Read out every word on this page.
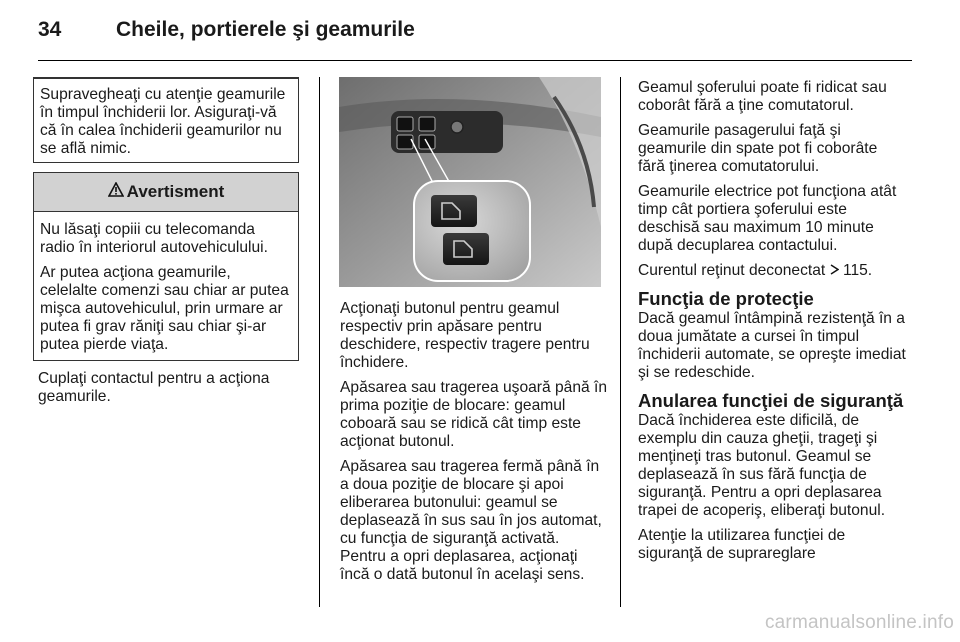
34	Cheile, portierele şi geamurile

Supravegheaţi cu atenţie geamurile în timpul închiderii lor. Asiguraţi-vă că în calea închiderii geamurilor nu se află nimic.

Avertisment

Nu lăsaţi copiii cu telecomanda radio în interiorul autovehiculului.

Ar putea acţiona geamurile, celelalte comenzi sau chiar ar putea mişca autovehiculul, prin urmare ar putea fi grav răniţi sau chiar şi-ar putea pierde viaţa.

Cuplaţi contactul pentru a acţiona geamurile.

Acţionaţi butonul pentru geamul respectiv prin apăsare pentru deschidere, respectiv tragere pentru închidere.

Apăsarea sau tragerea uşoară până în prima poziţie de blocare: geamul coboară sau se ridică cât timp este acţionat butonul.

Apăsarea sau tragerea fermă până în a doua poziţie de blocare şi apoi eliberarea butonului: geamul se deplasează în sus sau în jos automat, cu funcţia de siguranţă activată. Pentru a opri deplasarea, acţionaţi încă o dată butonul în acelaşi sens.

Geamul şoferului poate fi ridicat sau coborât fără a ţine comutatorul.

Geamurile pasagerului faţă şi geamurile din spate pot fi coborâte fără ţinerea comutatorului.

Geamurile electrice pot funcţiona atât timp cât portiera şoferului este deschisă sau maximum 10 minute după decuplarea contactului.

Curentul reţinut deconectat 115.

Funcţia de protecţie

Dacă geamul întâmpină rezistenţă în a doua jumătate a cursei în timpul închiderii automate, se opreşte imediat şi se redeschide.

Anularea funcţiei de siguranţă

Dacă închiderea este dificilă, de exemplu din cauza gheţii, trageţi şi menţineţi tras butonul. Geamul se deplasează în sus fără funcţia de siguranţă. Pentru a opri deplasarea trapei de acoperiş, eliberaţi butonul.

Atenţie la utilizarea funcţiei de siguranţă de suprareglare

carmanualsonline.info
